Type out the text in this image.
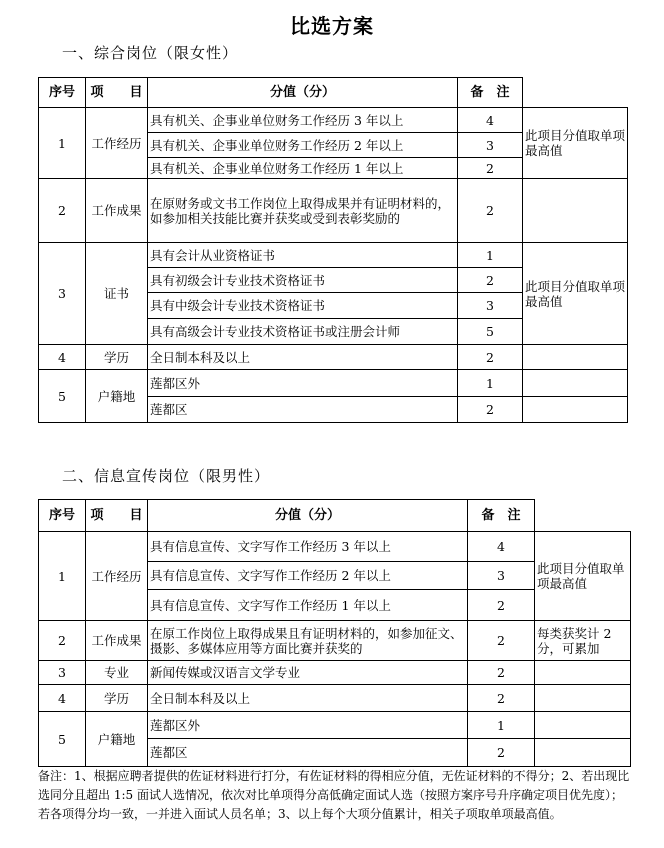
比选方案
一、综合岗位（限女性）
序号	项　　目	分值（分）	备　注	
1	工作经历	具有机关、企事业单位财务工作经历 3 年以上	4	此项目分值取单项最高值
		具有机关、企事业单位财务工作经历 2 年以上	3	
		具有机关、企事业单位财务工作经历 1 年以上	2	
2	工作成果	在原财务或文书工作岗位上取得成果并有证明材料的，如参加相关技能比赛并获奖或受到表彰奖励的	2	
3	证书	具有会计从业资格证书	1	此项目分值取单项最高值
		具有初级会计专业技术资格证书	2	
		具有中级会计专业技术资格证书	3	
		具有高级会计专业技术资格证书或注册会计师	5	
4	学历	全日制本科及以上	2	
5	户籍地	莲都区外	1	
		莲都区	2	
二、信息宣传岗位（限男性）
序号	项　　目	分值（分）	备　注	
1	工作经历	具有信息宣传、文字写作工作经历 3 年以上	4	此项目分值取单项最高值
		具有信息宣传、文字写作工作经历 2 年以上	3	
		具有信息宣传、文字写作工作经历 1 年以上	2	
2	工作成果	在原工作岗位上取得成果且有证明材料的，如参加征文、摄影、多媒体应用等方面比赛并获奖的	2	每类获奖计 2 分，可累加
3	专业	新闻传媒或汉语言文学专业	2	
4	学历	全日制本科及以上	2	
5	户籍地	莲都区外	1	
		莲都区	2	
备注：1、根据应聘者提供的佐证材料进行打分，有佐证材料的得相应分值，无佐证材料的不得分；2、若出现比选同分且超出 1:5 面试人选情况，依次对比单项得分高低确定面试人选（按照方案序号升序确定项目优先度）；若各项得分均一致，一并进入面试人员名单；3、以上每个大项分值累计，相关子项取单项最高值。
